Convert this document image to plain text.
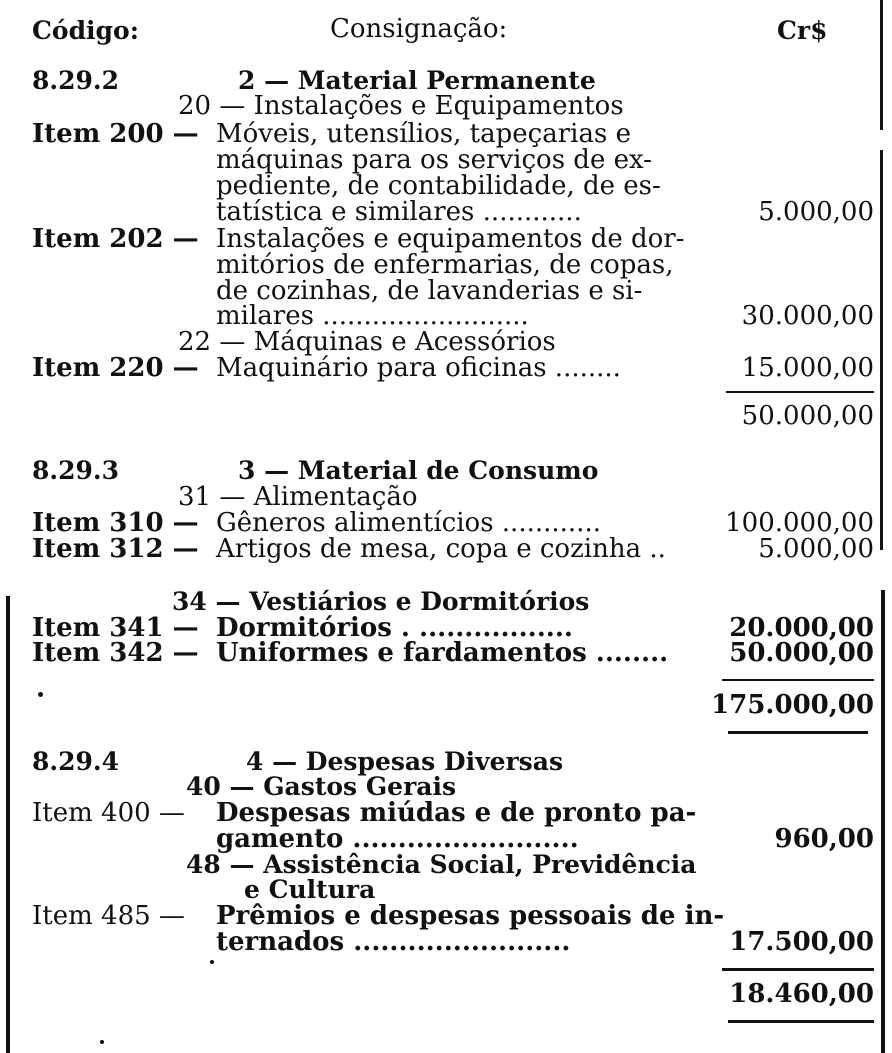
Código:	Consignação:	Cr$
8.29.2	2 — Material Permanente
20 — Instalações e Equipamentos
Item 200 — Móveis, utensílios, tapeçarias e
máquinas para os serviços de ex-
pediente, de contabilidade, de es-
tatística e similares ............	5.000,00
Item 202 — Instalações e equipamentos de dor-
mitórios de enfermarias, de copas,
de cozinhas, de lavanderias e si-
milares .........................	30.000,00
22 — Máquinas e Acessórios
Item 220 — Maquinário para oficinas ........	15.000,00
50.000,00
8.29.3	3 — Material de Consumo
31 — Alimentação
Item 310 — Gêneros alimentícios ............	100.000,00
Item 312 — Artigos de mesa, copa e cozinha ..	5.000,00
34 — Vestiários e Dormitórios
Item 341 — Dormitórios . .................	20.000,00
Item 342 — Uniformes e fardamentos ........ 50.000,00
175.000,00
8.29.4	4 — Despesas Diversas
40 — Gastos Gerais
Item 400 — Despesas miúdas e de pronto pa-
gamento .........................	960,00
48 — Assistência Social, Previdência
e Cultura
Item 485 — Prêmios e despesas pessoais de in-
ternados ........................	17.500,00
18.460,00
